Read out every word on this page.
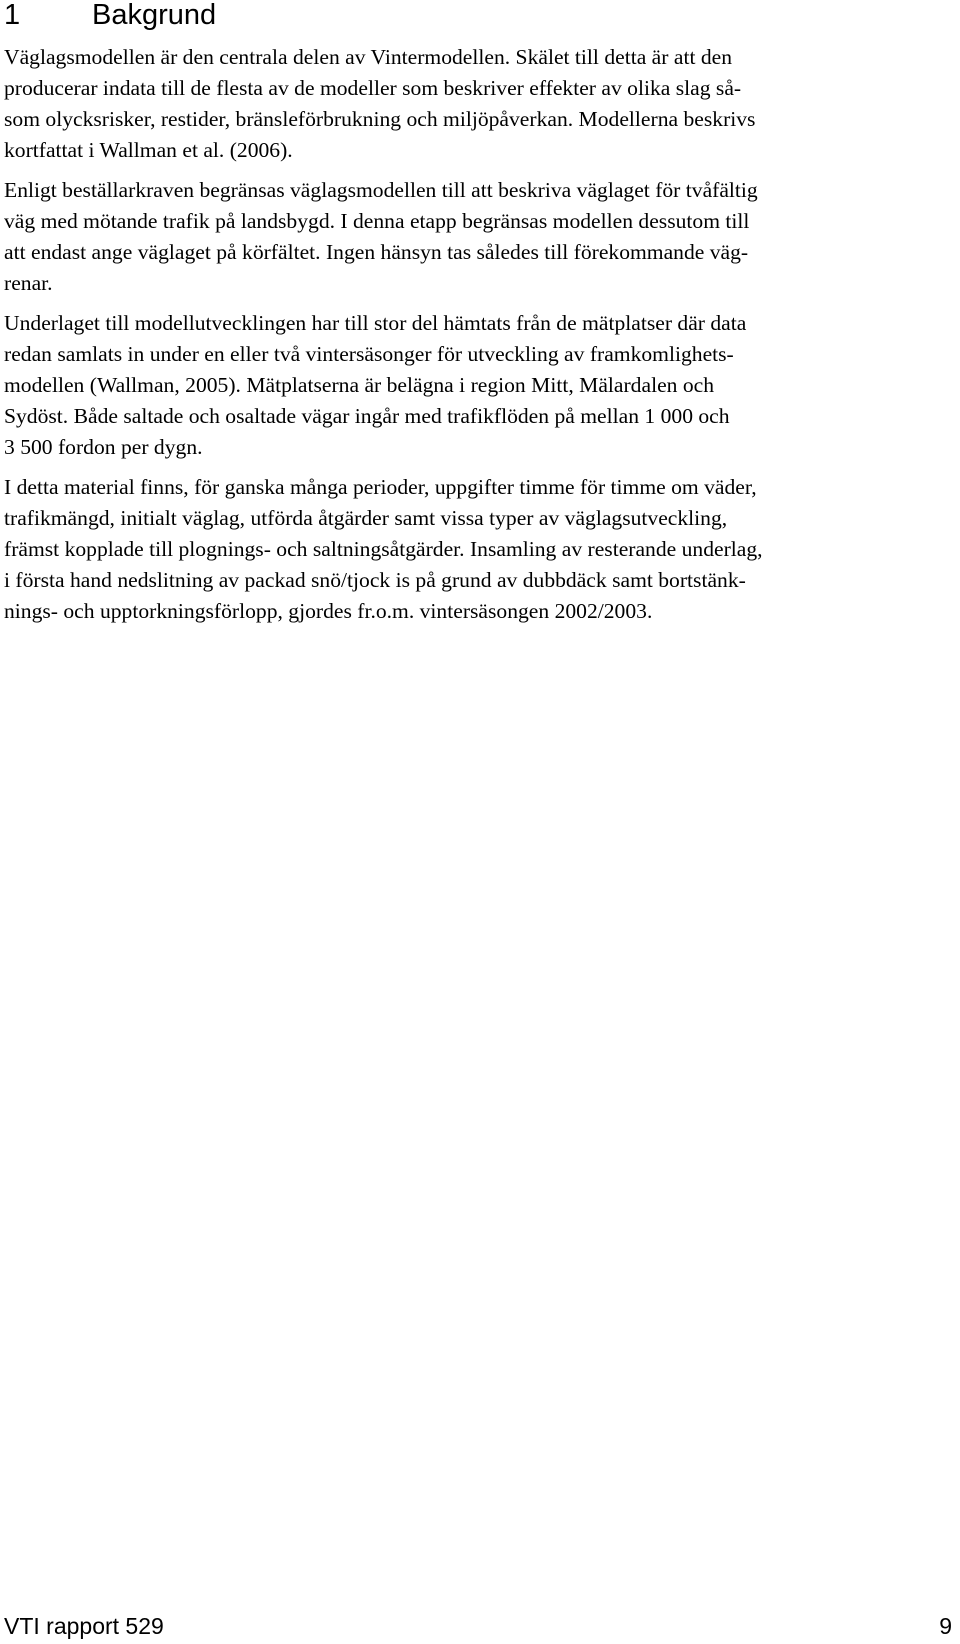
1 Bakgrund

Väglagsmodellen är den centrala delen av Vintermodellen. Skälet till detta är att den
producerar indata till de flesta av de modeller som beskriver effekter av olika slag så-
som olycksrisker, restider, bränsleförbrukning och miljöpåverkan. Modellerna beskrivs
kortfattat i Wallman et al. (2006).

Enligt beställarkraven begränsas väglagsmodellen till att beskriva väglaget för tvåfältig
väg med mötande trafik på landsbygd. I denna etapp begränsas modellen dessutom till
att endast ange väglaget på körfältet. Ingen hänsyn tas således till förekommande väg-
renar.

Underlaget till modellutvecklingen har till stor del hämtats från de mätplatser där data
redan samlats in under en eller två vintersäsonger för utveckling av framkomlighets-
modellen (Wallman, 2005). Mätplatserna är belägna i region Mitt, Mälardalen och
Sydöst. Både saltade och osaltade vägar ingår med trafikflöden på mellan 1 000 och
3 500 fordon per dygn.

I detta material finns, för ganska många perioder, uppgifter timme för timme om väder,
trafikmängd, initialt väglag, utförda åtgärder samt vissa typer av väglagsutveckling,
främst kopplade till plognings- och saltningsåtgärder. Insamling av resterande underlag,
i första hand nedslitning av packad snö/tjock is på grund av dubbdäck samt bortstänk-
nings- och upptorkningsförlopp, gjordes fr.o.m. vintersäsongen 2002/2003.

VTI rapport 529	9
